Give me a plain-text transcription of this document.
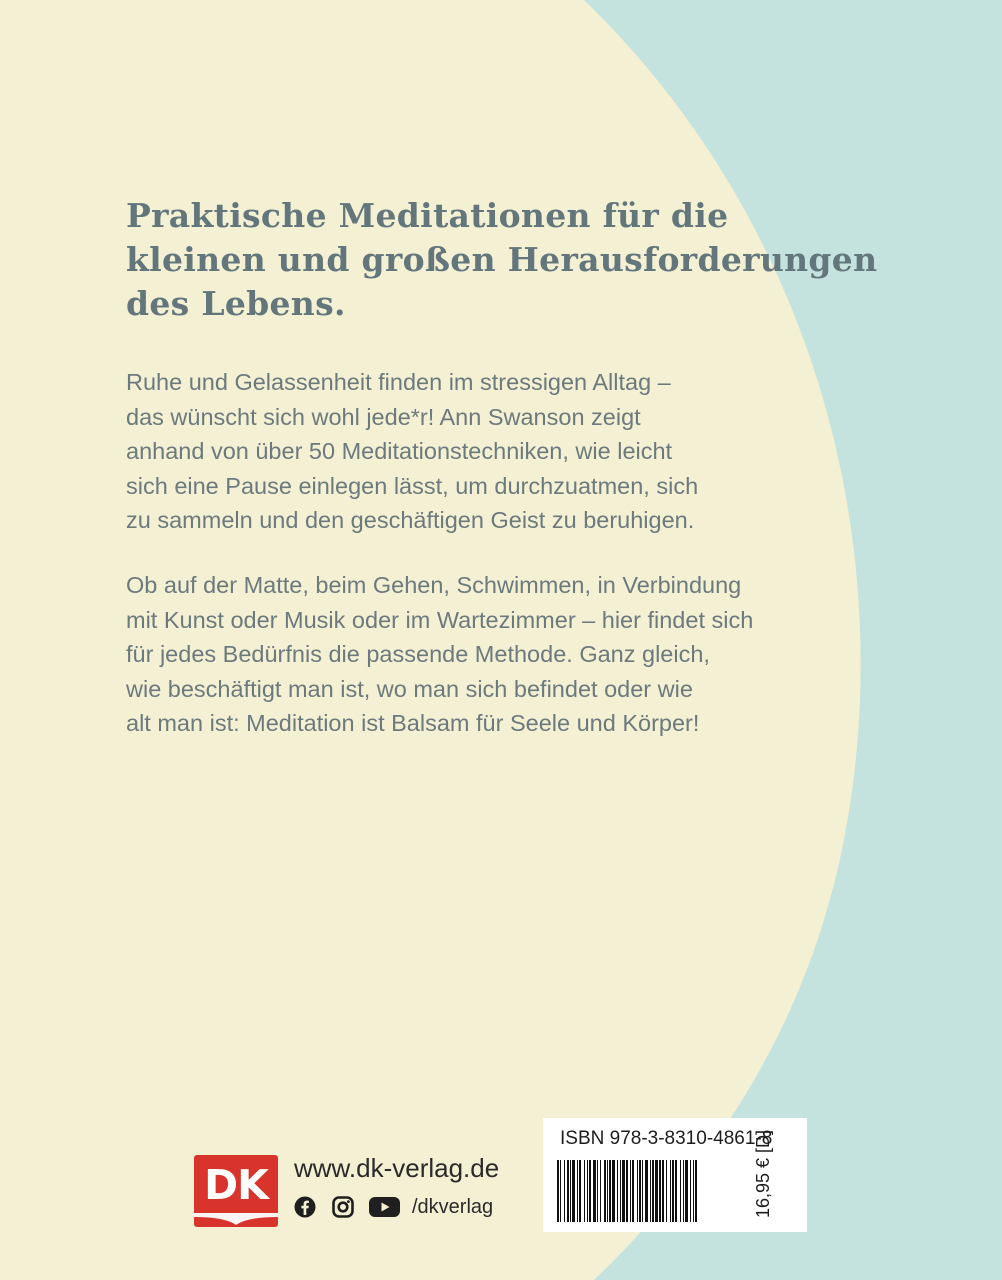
Praktische Meditationen für die
kleinen und großen Herausforderungen
des Lebens.

Ruhe und Gelassenheit finden im stressigen Alltag –
das wünscht sich wohl jede*r! Ann Swanson zeigt
anhand von über 50 Meditationstechniken, wie leicht
sich eine Pause einlegen lässt, um durchzuatmen, sich
zu sammeln und den geschäftigen Geist zu beruhigen.

Ob auf der Matte, beim Gehen, Schwimmen, in Verbindung
mit Kunst oder Musik oder im Wartezimmer – hier findet sich
für jedes Bedürfnis die passende Methode. Ganz gleich,
wie beschäftigt man ist, wo man sich befindet oder wie
alt man ist: Meditation ist Balsam für Seele und Körper!

DK	www.dk-verlag.de
/dkverlag
ISBN 978-3-8310-4861-8
16,95 € [D]
